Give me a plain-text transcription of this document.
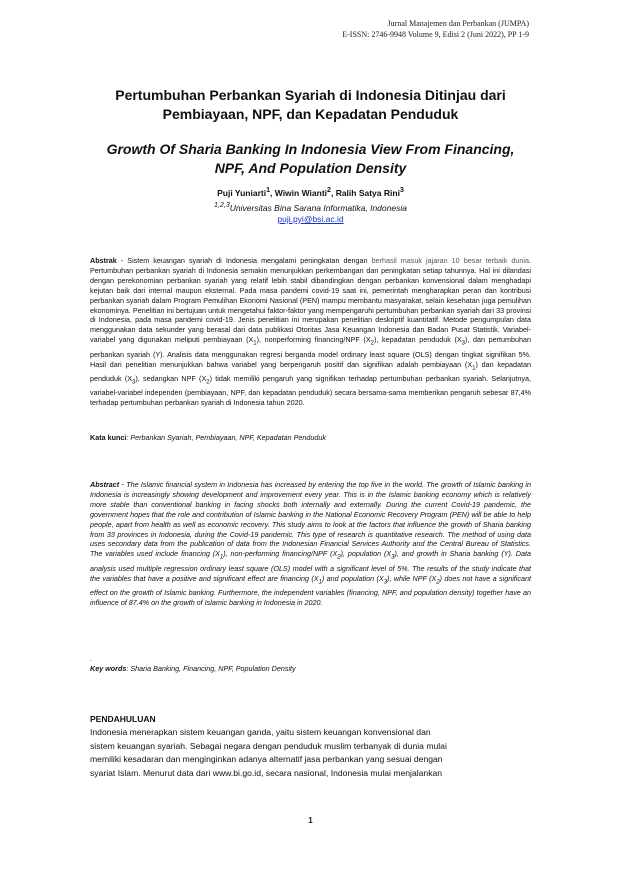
Jurnal Manajemen dan Perbankan (JUMPA)
E-ISSN: 2746-9948 Volume 9, Edisi 2 (Juni 2022), PP 1-9
Pertumbuhan Perbankan Syariah di Indonesia Ditinjau dari
Pembiayaan, NPF, dan Kepadatan Penduduk
Growth Of Sharia Banking In Indonesia View From Financing,
NPF, And Population Density
Puji Yuniarti$^1$, Wiwin Wianti$^2$, Ralih Satya Rini$^3$
$^{1,2,3}$Universitas Bina Sarana Informatika, Indonesia
puji.pyi@bsi.ac.id
Abstrak - Sistem keuangan syariah di Indonesia mengalami peningkatan dengan berhasil masuk jajaran 10 besar terbaik dunia. Pertumbuhan perbankan syariah di Indonesia semakin menunjukkan perkembangan dan peningkatan setiap tahunnya. Hal ini dilandasi dengan perekonomian perbankan syariah yang relatif lebih stabil dibandingkan dengan perbankan konvensional dalam menghadapi kejutan baik dari internal maupun eksternal. Pada masa pandemi covid-19 saat ini, pemerintah mengharapkan peran dan kontribusi perbankan syariah dalam Program Pemulihan Ekonomi Nasional (PEN) mampu membantu masyarakat, selain kesehatan juga pemulihan ekonominya. Penelitian ini bertujuan untuk mengetahui faktor-faktor yang mempengaruhi pertumbuhan perbankan syariah dari 33 provinsi di Indonesia, pada masa pandemi covid-19. Jenis penelitian ini merupakan penelitian deskriptif kuantitatif. Metode pengumpulan data menggunakan data sekunder yang berasal dari data publikasi Otoritas Jasa Keuangan Indonesia dan Badan Pusat Statistik. Variabel-variabel yang digunakan meliputi pembiayaan $(X_1)$, nonperforming financing/NPF $(X_2)$, kepadatan penduduk $(X_3)$, dan pertumbuhan perbankan syariah (Y). Analisis data menggunakan regresi berganda model ordinary least square (OLS) dengan tingkat signifikan 5%. Hasil dari penelitian menunjukkan bahwa variabel yang berpengaruh positif dan signifikan adalah pembiayaan $(X_1)$ dan kepadatan penduduk $(X_3)$, sedangkan NPF $(X_2)$ tidak memiliki pengaruh yang signifikan terhadap pertumbuhan perbankan syariah. Selanjutnya, variabel-variabel independen (pembiayaan, NPF, dan kepadatan penduduk) secara bersama-sama memberikan pengaruh sebesar 87,4% terhadap pertumbuhan perbankan syariah di Indonesia tahun 2020.
Kata kunci: Perbankan Syariah, Pembiayaan, NPF, Kepadatan Penduduk
Abstract - The Islamic financial system in Indonesia has increased by entering the top five in the world. The growth of Islamic banking in Indonesia is increasingly showing development and improvement every year. This is in the Islamic banking economy which is relatively more stable than conventional banking in facing shocks both internally and externally. During the current Covid-19 pandemic, the government hopes that the role and contribution of Islamic banking in the National Economic Recovery Program (PEN) will be able to help people, apart from health as well as economic recovery. This study aims to look at the factors that influence the growth of Sharia banking from 33 provinces in Indonesia, during the Covid-19 pandemic. This type of research is quantitative research. The method of using data uses secondary data from the publication of data from the Indonesian Financial Services Authority and the Central Bureau of Statistics. The variables used include financing $(X_1)$, non-performing financing/NPF $(X_2)$, population $(X_3)$, and growth in Sharia banking (Y). Data analysis used multiple regression ordinary least square (OLS) model with a significant level of 5%. The results of the study indicate that the variables that have a positive and significant effect are financing $(X_1)$ and population $(X_3)$, while NPF $(X_2)$ does not have a significant effect on the growth of Islamic banking. Furthermore, the independent variables (financing, NPF, and population density) together have an influence of 87.4% on the growth of Islamic banking in Indonesia in 2020.
.
Key words: Sharia Banking, Financing, NPF, Population Density
PENDAHULUAN
Indonesia menerapkan sistem keuangan ganda, yaitu sistem keuangan konvensional dan
sistem keuangan syariah. Sebagai negara dengan penduduk muslim terbanyak di dunia mulai
memiliki kesadaran dan menginginkan adanya alternatif jasa perbankan yang sesuai dengan
syariat Islam. Menurut data dari www.bi.go.id, secara nasional, Indonesia mulai menjalankan
1
